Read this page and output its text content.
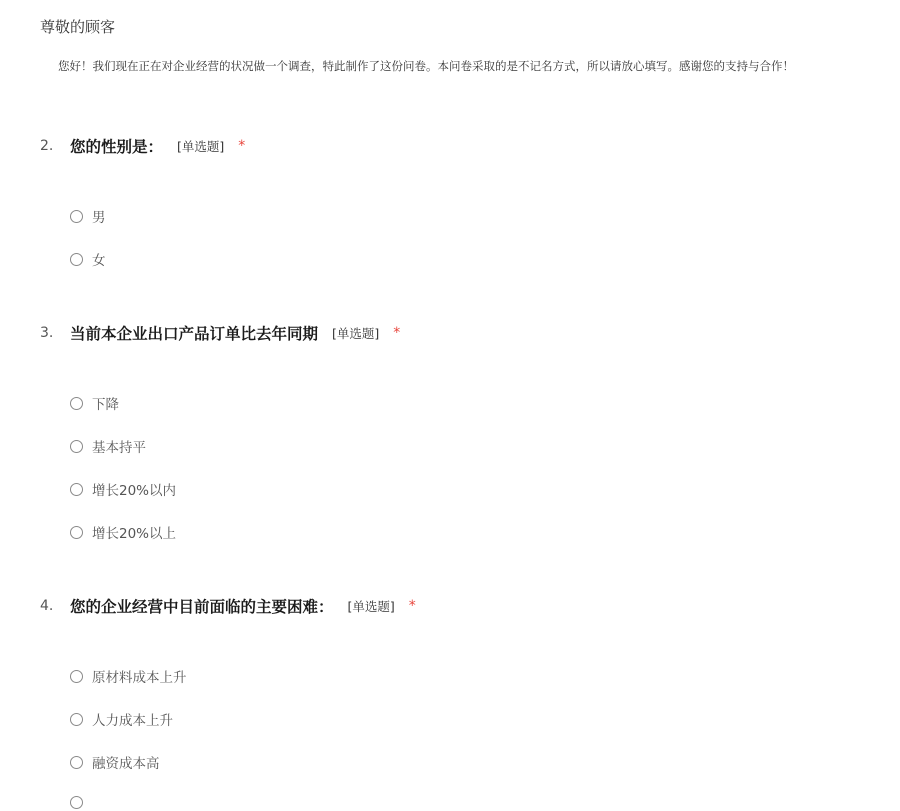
尊敬的顾客
您好！我们现在正在对企业经营的状况做一个调查，特此制作了这份问卷。本问卷采取的是不记名方式，所以请放心填写。感谢您的支持与合作！
2.	您的性别是： [单选题] *
男
女
3.	当前本企业出口产品订单比去年同期 [单选题] *
下降
基本持平
增长20%以内
增长20%以上
4.	您的企业经营中目前面临的主要困难： [单选题] *
原材料成本上升
人力成本上升
融资成本高
